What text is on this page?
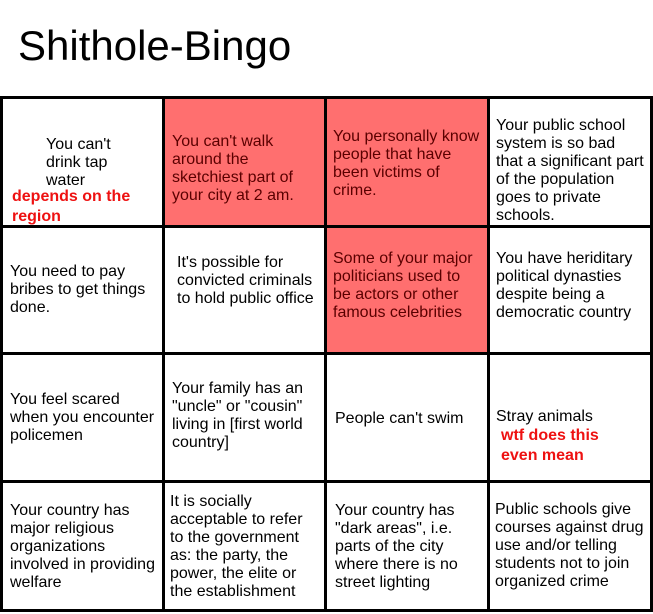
Shithole-Bingo
You can't drink tap water
depends on the region
You can't walk around the sketchiest part of your city at 2 am.
You personally know people that have been victims of crime.
Your public school system is so bad that a significant part of the population goes to private schools.
You need to pay bribes to get things done.
It's possible for convicted criminals to hold public office
Some of your major politicians used to be actors or other famous celebrities
You have heriditary political dynasties despite being a democratic country
You feel scared when you encounter policemen
Your family has an "uncle" or "cousin" living in [first world country]
People can't swim	Stray animals
wtf does this even mean
Your country has major religious organizations involved in providing welfare
It is socially acceptable to refer to the government as: the party, the power, the elite or the establishment
Your country has "dark areas", i.e. parts of the city where there is no street lighting
Public schools give courses against drug use and/or telling students not to join organized crime
